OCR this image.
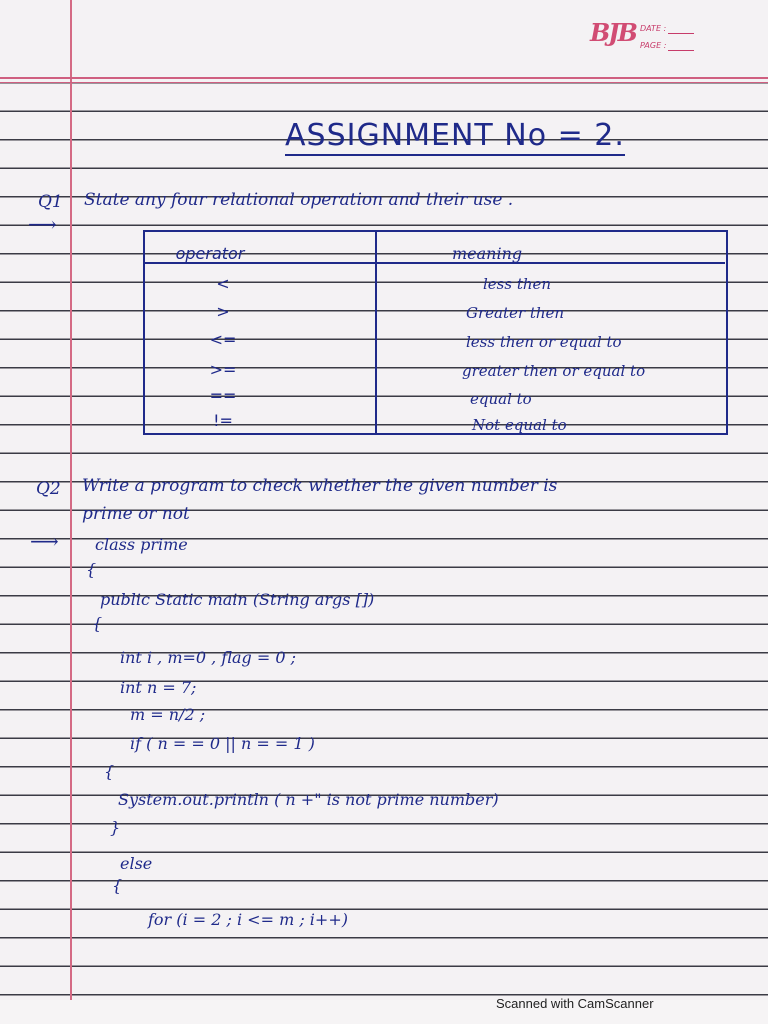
BJB DATE :
PAGE :
ASSIGNMENT No = 2.
Q1 State any four relational operation and their use .
⟶
operator	meaning
<	less then
>	Greater then
<=	less then or equal to
>=	greater then or equal to
==	equal to
!=	Not equal to
Q2 Write a program to check whether the given number is
prime or not
⟶ class prime
{
public Static main (String args [])
{
int i , m=0 , flag = 0 ;
int n = 7;
m = n/2 ;
if ( n = = 0 || n = = 1 )
{
System.out.println ( n +" is not prime number)
}
else
{
for (i = 2 ; i <= m ; i++)
Scanned with CamScanner
